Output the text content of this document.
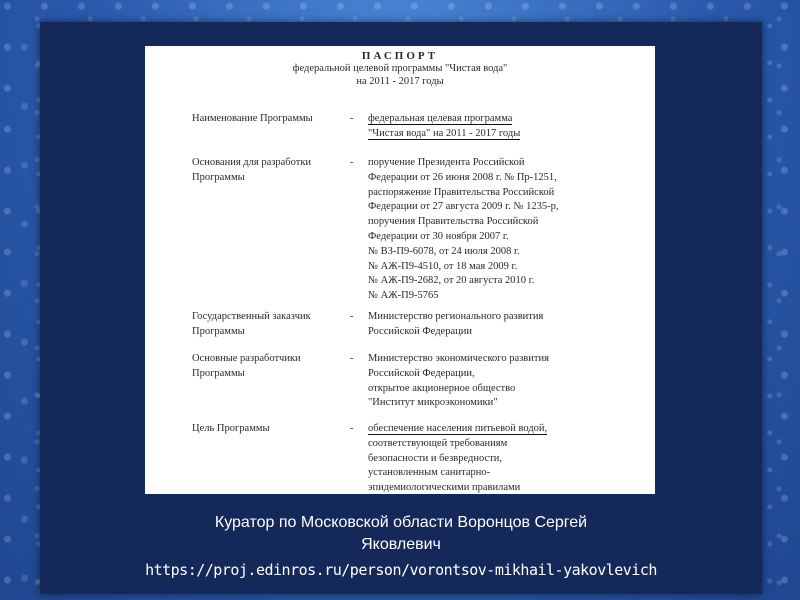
ПАСПОРТ
федеральной целевой программы "Чистая вода"
на 2011 - 2017 годы
Наименование Программы	- федеральная целевая программа
"Чистая вода" на 2011 - 2017 годы
Основания для разработки
Программы
- поручение Президента Российской
Федерации от 26 июня 2008 г. № Пр-1251,
распоряжение Правительства Российской
Федерации от 27 августа 2009 г. № 1235-р,
поручения Правительства Российской
Федерации от 30 ноября 2007 г.
№ ВЗ-П9-6078, от 24 июля 2008 г.
№ АЖ-П9-4510, от 18 мая 2009 г.
№ АЖ-П9-2682, от 20 августа 2010 г.
№ АЖ-П9-5765
Государственный заказчик
Программы
- Министерство регионального развития
Российской Федерации
Основные разработчики
Программы
- Министерство экономического развития
Российской Федерации,
открытое акционерное общество
"Институт микроэкономики"
Цель Программы	- обеспечение населения питьевой водой,
соответствующей требованиям
безопасности и безвредности,
установленным санитарно-
эпидемиологическими правилами
Куратор по Московской области Воронцов Сергей
Яковлевич
https://proj.edinros.ru/person/vorontsov-mikhail-yakovlevich
